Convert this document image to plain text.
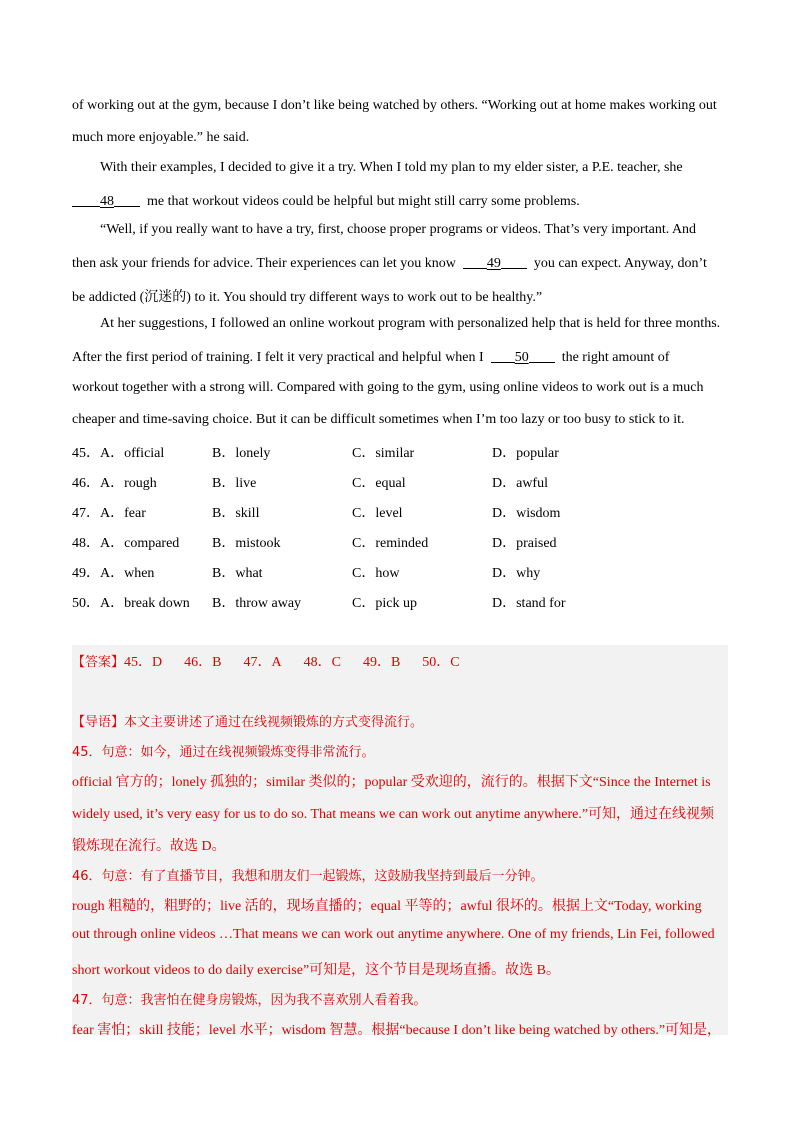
of working out at the gym, because I don’t like being watched by others. “Working out at home makes working out
much more enjoyable.” he said.
With their examples, I decided to give it a try. When I told my plan to my elder sister, a P.E. teacher, she
48 me that workout videos could be helpful but might still carry some problems.
“Well, if you really want to have a try, first, choose proper programs or videos. That’s very important. And
then ask your friends for advice. Their experiences can let you know 49 you can expect. Anyway, don’t
be addicted (沉迷的) to it. You should try different ways to work out to be healthy.”
At her suggestions, I followed an online workout program with personalized help that is held for three months.
After the first period of training. I felt it very practical and helpful when I 50 the right amount of
workout together with a strong will. Compared with going to the gym, using online videos to work out is a much
cheaper and time-saving choice. But it can be difficult sometimes when I’m too lazy or too busy to stick to it.
45．A．official	B．lonely	C．similar	D．popular
46．A．rough	B．live	C．equal	D．awful
47．A．fear	B．skill	C．level	D．wisdom
48．A．compared B．mistook	C．reminded	D．praised
49．A．when	B．what	C．how	D．why
50．A．break down B．throw away	C．pick up	D．stand for
【答案】45．D 46．B 47．A 48．C 49．B 50．C
【导语】本文主要讲述了通过在线视频锻炼的方式变得流行。
45．句意：如今，通过在线视频锻炼变得非常流行。
official 官方的；lonely 孤独的；similar 类似的；popular 受欢迎的，流行的。根据下文“Since the Internet is
widely used, it’s very easy for us to do so. That means we can work out anytime anywhere.”可知，通过在线视频
锻炼现在流行。故选 D。
46．句意：有了直播节目，我想和朋友们一起锻炼，这鼓励我坚持到最后一分钟。
rough 粗糙的，粗野的；live 活的，现场直播的；equal 平等的；awful 很坏的。根据上文“Today, working
out through online videos …That means we can work out anytime anywhere. One of my friends, Lin Fei, followed
short workout videos to do daily exercise”可知是，这个节目是现场直播。故选 B。
47．句意：我害怕在健身房锻炼，因为我不喜欢别人看着我。
fear 害怕；skill 技能；level 水平；wisdom 智慧。根据“because I don’t like being watched by others.”可知是，
